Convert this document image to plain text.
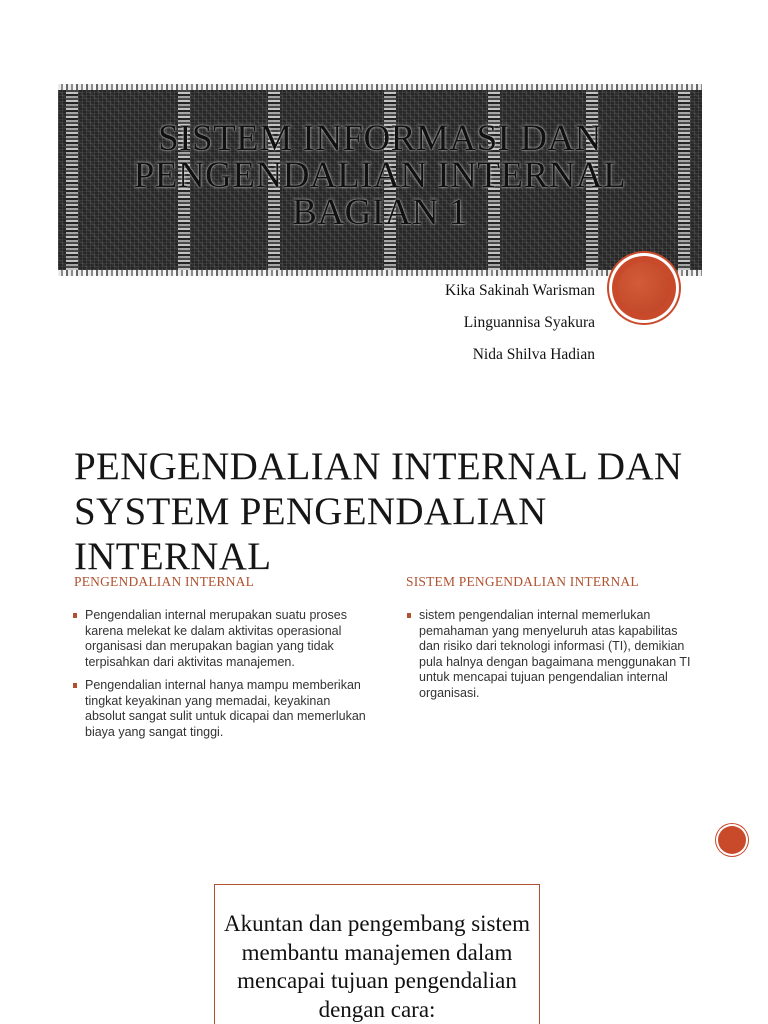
SISTEM INFORMASI DAN PENGENDALIAN INTERNAL BAGIAN 1
Kika Sakinah Warisman
Linguannisa Syakura
Nida Shilva Hadian
PENGENDALIAN INTERNAL DAN SYSTEM PENGENDALIAN INTERNAL
PENGENDALIAN INTERNAL
Pengendalian internal merupakan suatu proses karena melekat ke dalam aktivitas operasional organisasi dan merupakan bagian yang tidak terpisahkan dari aktivitas manajemen.
Pengendalian internal hanya mampu memberikan tingkat keyakinan yang memadai, keyakinan absolut sangat sulit untuk dicapai dan memerlukan biaya yang sangat tinggi.
SISTEM PENGENDALIAN INTERNAL
sistem pengendalian internal memerlukan pemahaman yang menyeluruh atas kapabilitas dan risiko dari teknologi informasi (TI), demikian pula halnya dengan bagaimana menggunakan TI untuk mencapai tujuan pengendalian internal organisasi.
Akuntan dan pengembang sistem membantu manajemen dalam mencapai tujuan pengendalian dengan cara:
